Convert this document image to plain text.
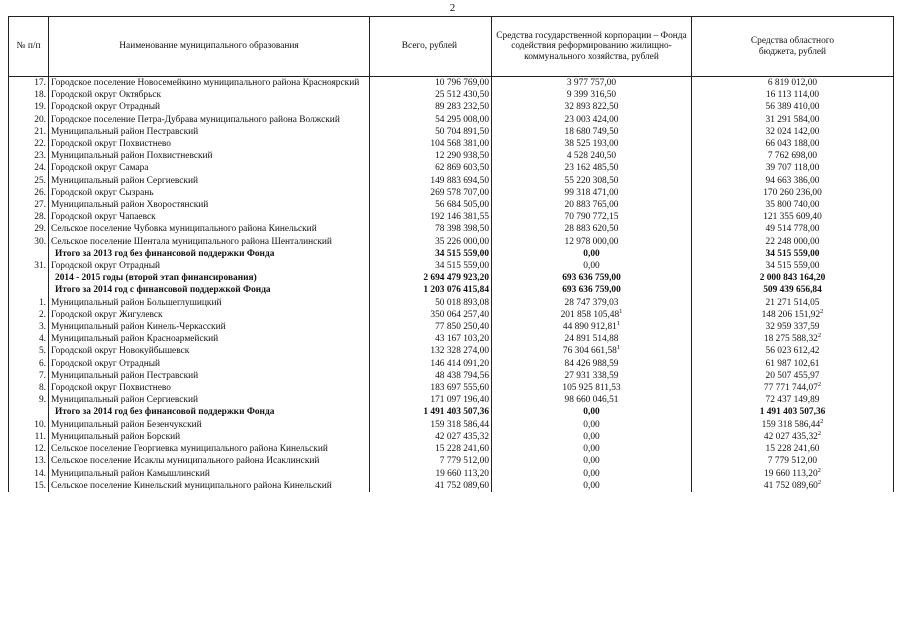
2
№ п/п	Наименование муниципального образования	Всего, рублей	Средства государственной корпорации – Фонда содействия реформированию жилищно-коммунального хозяйства, рублей	Средства областного бюджета, рублей
17.	Городское поселение Новосемейкино муниципального района Красноярский	10 796 769,00	3 977 757,00	6 819 012,00
18.	Городской округ Октябрьск	25 512 430,50	9 399 316,50	16 113 114,00
19.	Городской округ Отрадный	89 283 232,50	32 893 822,50	56 389 410,00
20.	Городское поселение Петра-Дубрава муниципального района Волжский	54 295 008,00	23 003 424,00	31 291 584,00
21.	Муниципальный район Пестравский	50 704 891,50	18 680 749,50	32 024 142,00
22.	Городской округ Похвистнево	104 568 381,00	38 525 193,00	66 043 188,00
23.	Муниципальный район Похвистневский	12 290 938,50	4 528 240,50	7 762 698,00
24.	Городской округ Самара	62 869 603,50	23 162 485,50	39 707 118,00
25.	Муниципальный район Сергиевский	149 883 694,50	55 220 308,50	94 663 386,00
26.	Городской округ Сызрань	269 578 707,00	99 318 471,00	170 260 236,00
27.	Муниципальный район Хворостянский	56 684 505,00	20 883 765,00	35 800 740,00
28.	Городской округ Чапаевск	192 146 381,55	70 790 772,15	121 355 609,40
29.	Сельское поселение Чубовка муниципального района Кинельский	78 398 398,50	28 883 620,50	49 514 778,00
30.	Сельское поселение Шентала муниципального района Шенталинский	35 226 000,00	12 978 000,00	22 248 000,00
	Итого за 2013 год без финансовой поддержки Фонда	34 515 559,00	0,00	34 515 559,00
31.	Городской округ Отрадный	34 515 559,00	0,00	34 515 559,00
	2014 - 2015 годы (второй этап финансирования)	2 694 479 923,20	693 636 759,00	2 000 843 164,20
	Итого за 2014 год с финансовой поддержкой Фонда	1 203 076 415,84	693 636 759,00	509 439 656,84
1.	Муниципальный район Большеглушицкий	50 018 893,08	28 747 379,03	21 271 514,05
2.	Городской округ Жигулевск	350 064 257,40	201 858 105,48$^1$	148 206 151,92$^2$
3.	Муниципальный район Кинель-Черкасский	77 850 250,40	44 890 912,81$^1$	32 959 337,59
4.	Муниципальный район Красноармейский	43 167 103,20	24 891 514,88	18 275 588,32$^2$
5.	Городской округ Новокуйбышевск	132 328 274,00	76 304 661,58$^1$	56 023 612,42
6.	Городской округ Отрадный	146 414 091,20	84 426 988,59	61 987 102,61
7.	Муниципальный район Пестравский	48 438 794,56	27 931 338,59	20 507 455,97
8.	Городской округ Похвистнево	183 697 555,60	105 925 811,53	77 771 744,07$^2$
9.	Муниципальный район Сергиевский	171 097 196,40	98 660 046,51	72 437 149,89
	Итого за 2014 год без финансовой поддержки Фонда	1 491 403 507,36	0,00	1 491 403 507,36
10.	Муниципальный район Безенчукский	159 318 586,44	0,00	159 318 586,44$^2$
11.	Муниципальный район Борский	42 027 435,32	0,00	42 027 435,32$^2$
12.	Сельское поселение Георгиевка муниципального района Кинельский	15 228 241,60	0,00	15 228 241,60
13.	Сельское поселение Исаклы муниципального района Исаклинский	7 779 512,00	0,00	7 779 512,00
14.	Муниципальный район Камышлинский	19 660 113,20	0,00	19 660 113,20$^2$
15.	Сельское поселение Кинельский муниципального района Кинельский	41 752 089,60	0,00	41 752 089,60$^2$
